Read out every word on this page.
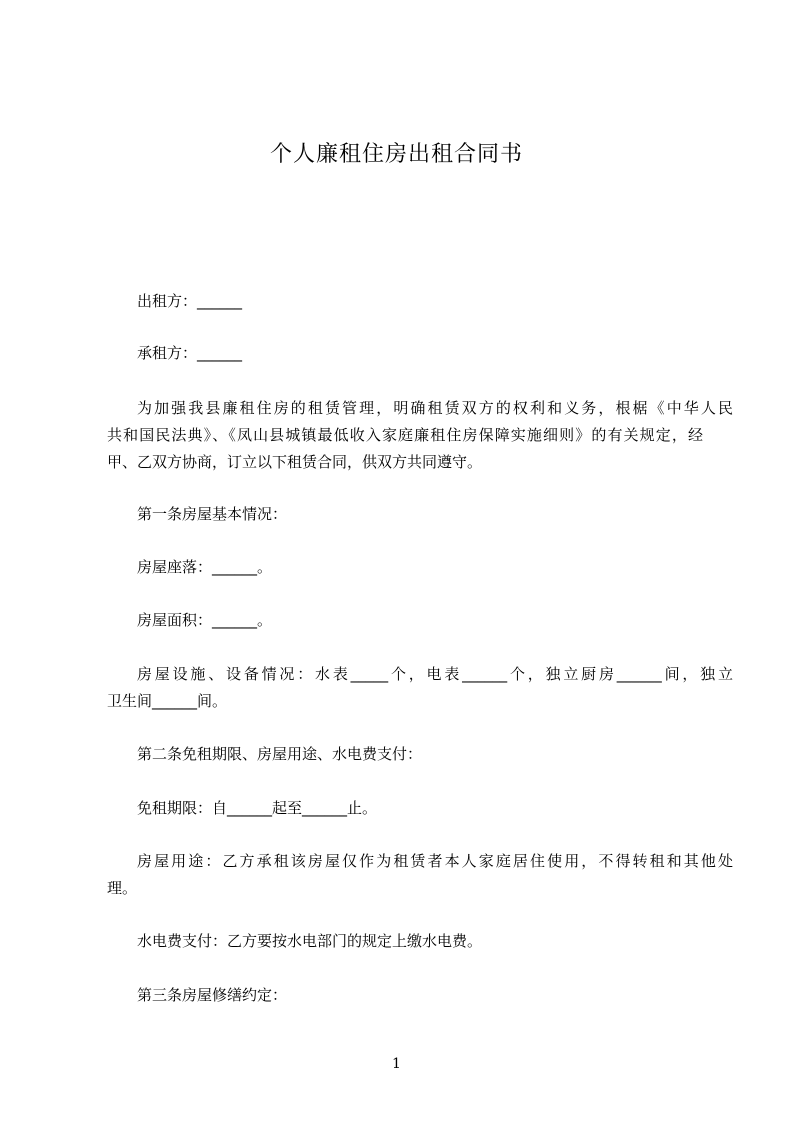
个人廉租住房出租合同书
出租方：______
承租方：______
为加强我县廉租住房的租赁管理，明确租赁双方的权利和义务，根椐《中华人民
共和国民法典》、《凤山县城镇最低收入家庭廉租住房保障实施细则》的有关规定，经
甲、乙双方协商，订立以下租赁合同，供双方共同遵守。
第一条房屋基本情况：
房屋座落：______。
房屋面积：______。
房屋设施、设备情况：水表_____个，电表______个，独立厨房______间，独立
卫生间______间。
第二条免租期限、房屋用途、水电费支付：
免租期限：自______起至______止。
房屋用途：乙方承租该房屋仅作为租赁者本人家庭居住使用，不得转租和其他处
理。
水电费支付：乙方要按水电部门的规定上缴水电费。
第三条房屋修缮约定：
1
